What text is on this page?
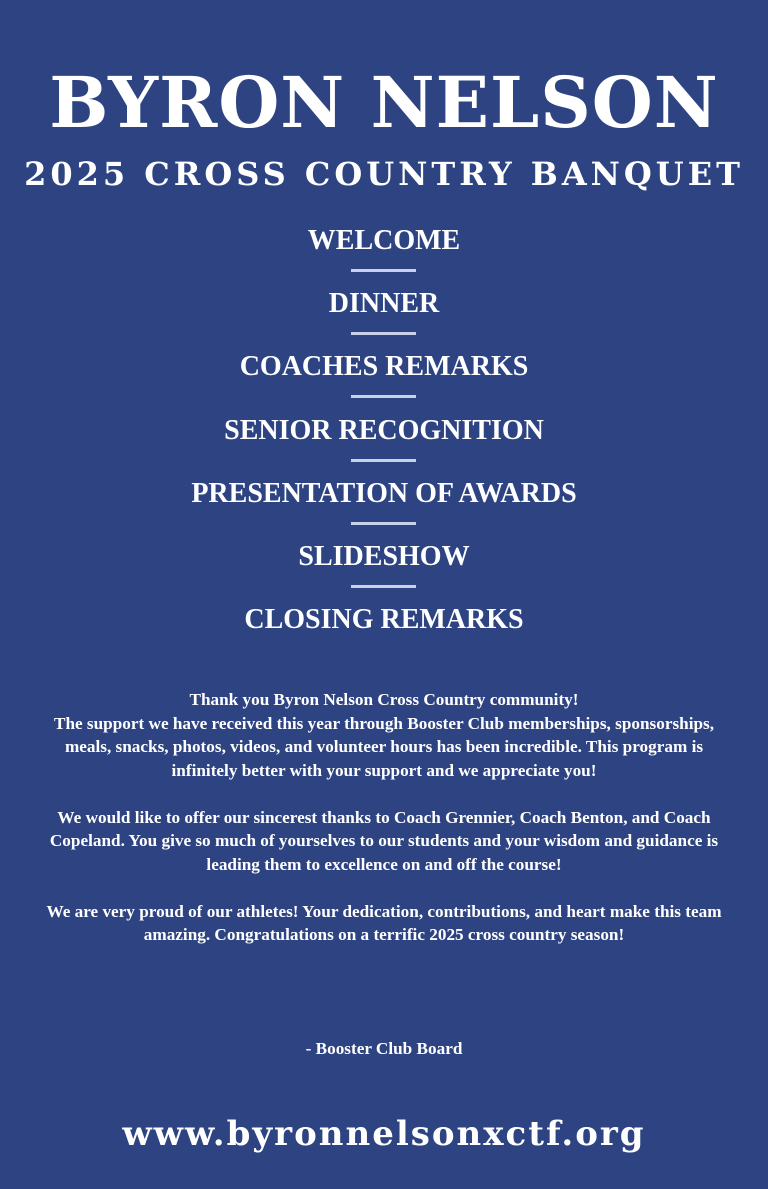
BYRON NELSON
2025 CROSS COUNTRY BANQUET
WELCOME
DINNER
COACHES REMARKS
SENIOR RECOGNITION
PRESENTATION OF AWARDS
SLIDESHOW
CLOSING REMARKS

Thank you Byron Nelson Cross Country community!

The support we have received this year through Booster Club memberships, sponsorships, meals, snacks, photos, videos, and volunteer hours has been incredible. This program is infinitely better with your support and we appreciate you!

We would like to offer our sincerest thanks to Coach Grennier, Coach Benton, and Coach Copeland. You give so much of yourselves to our students and your wisdom and guidance is leading them to excellence on and off the course!

We are very proud of our athletes! Your dedication, contributions, and heart make this team amazing. Congratulations on a terrific 2025 cross country season!

- Booster Club Board
www.byronnelsonxctf.org
